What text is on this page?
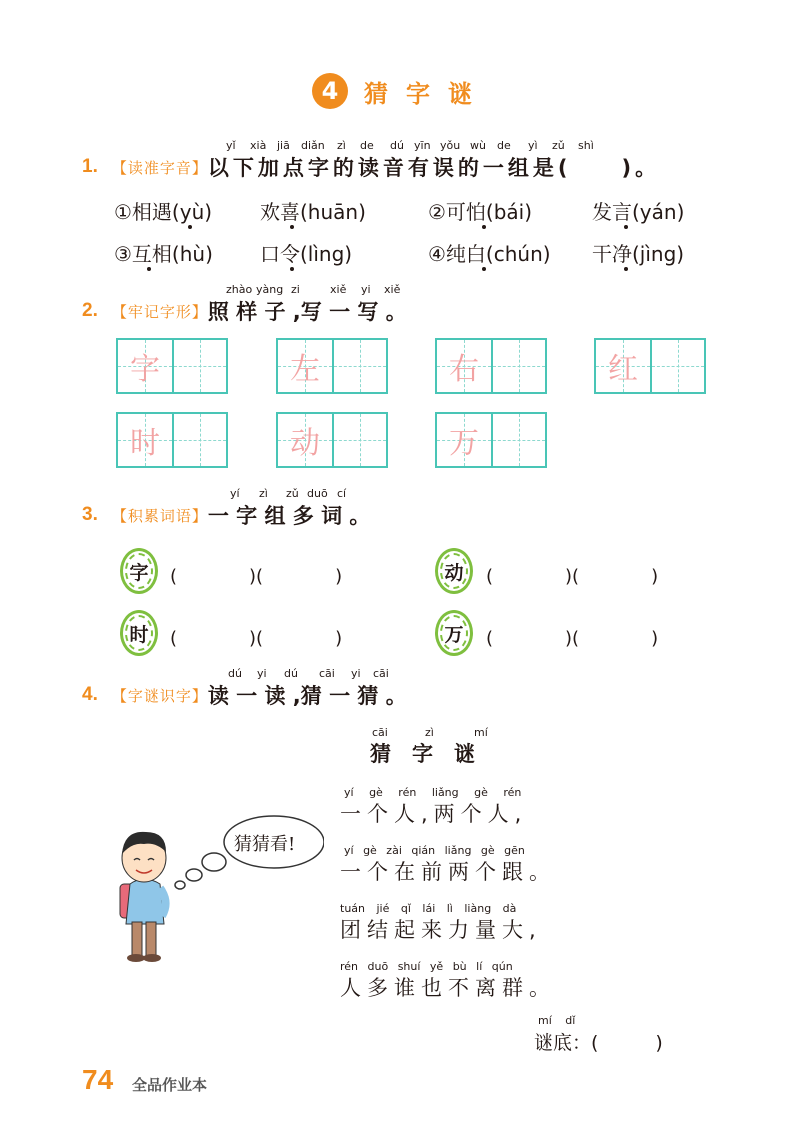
4	猜字谜
yǐ xià jiā diǎn zì de dú yīn yǒu wù de yì zǔ shì
1. 【读准字音】 以下加点字的读音有误的一组是(　　)。
①相遇(yù) 欢喜(huān)	②可怕(bái)	发言(yán)
③互相(hù) 口令(lìng)	④纯白(chún) 干净(jìng)
zhào yàng zi	xiě yi xiě
2. 【牢记字形】 照 样 子 ,写 一 写 。
字	左	右	红
时	动	万
yí zì zǔ duō cí
3. 【积累词语】 一 字 组 多 词 。
字 (　　　　)(　　　　)	动 (　　　　)(　　　　)
时 (　　　　)(　　　　)	万 (　　　　)(　　　　)
dú yi dú cāi yi cāi
4. 【字谜识字】 读 一 读 ,猜 一 猜 。
cāi	zì	mí
猜　字　谜
yí gè rén liǎng gè rén
一个人,两个人,
yí gè zài qián liǎng gè gēn
一个在前两个跟。
tuán jié qǐ lái lì liàng dà
团结起来力量大,
rén duō shuí yě bù lí qún
人多谁也不离群。
mí dǐ
谜底：(　　　)
猜猜看!
74 全品作业本
